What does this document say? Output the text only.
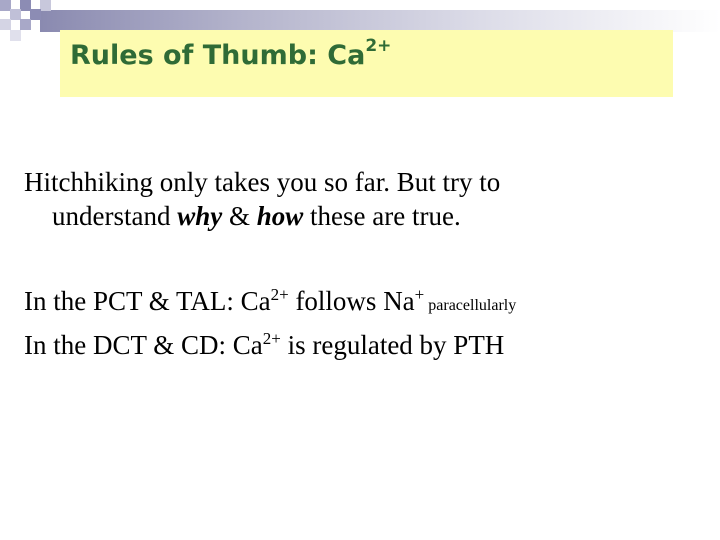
Rules of Thumb: $Ca^{2+}$

Hitchhiking only takes you so far. But try to
understand why & how these are true.

In the PCT & TAL: $Ca^{2+}$ follows Na+ paracellularly

In the DCT & CD: $Ca^{2+}$ is regulated by PTH
